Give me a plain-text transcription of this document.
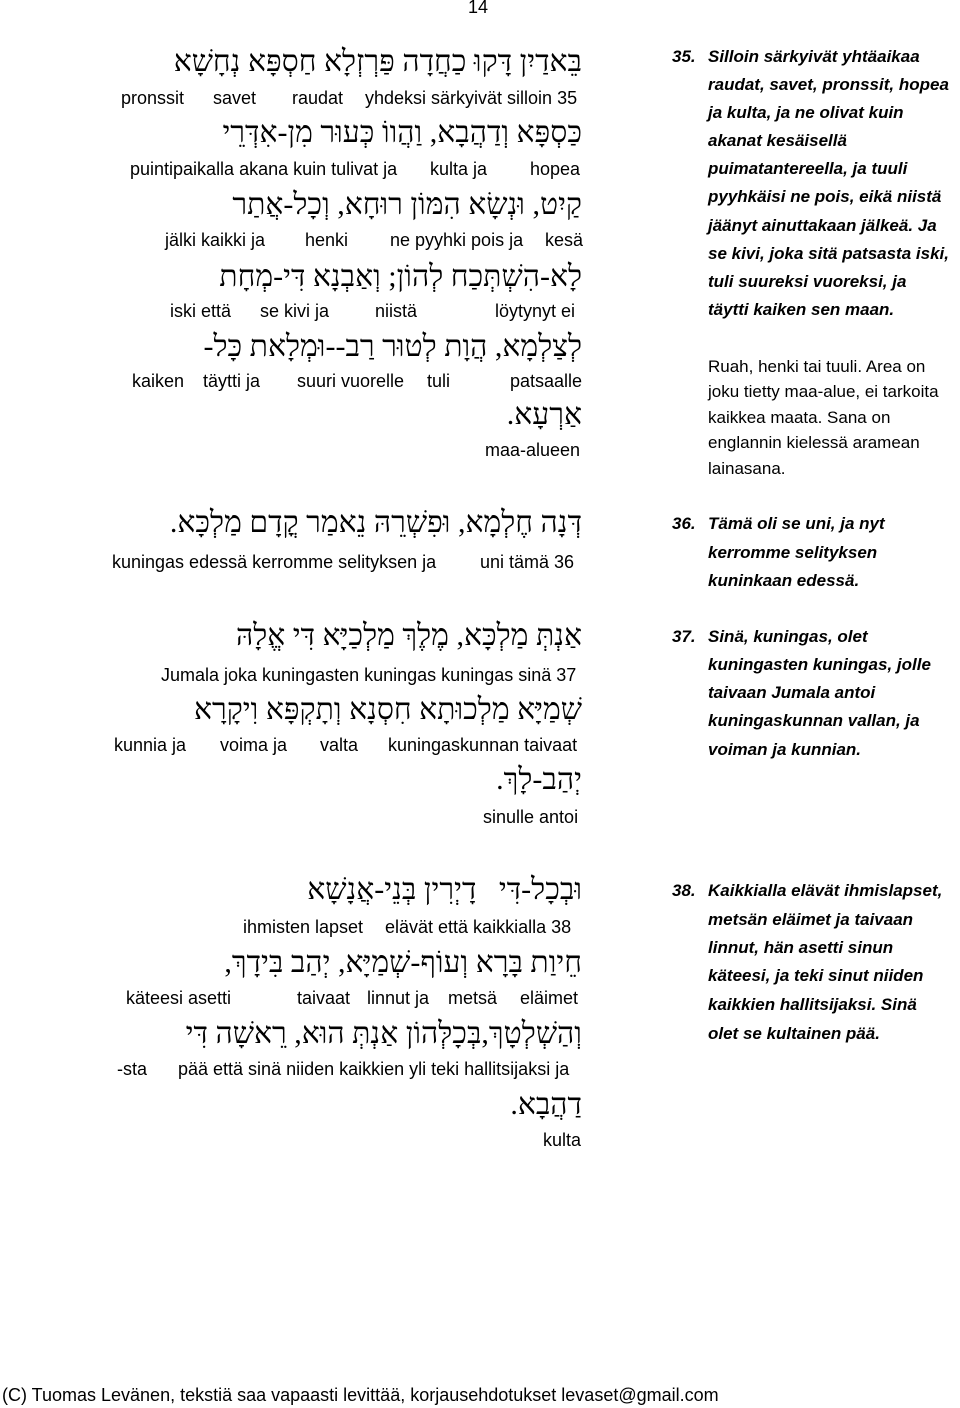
14
בֵּאדַיִן דָּקוּ כַחֲדָה פַּרְזְלָא חַסְפָּא נְחָשָׁא
pronssit savet raudat yhdeksi särkyivät silloin 35
כַּסְפָּא וְדַהֲבָא, וַהֲווֹ כְּעוּר מִן-אִדְּרֵי
puintipaikalla akana kuin tulivat ja kulta ja hopea
קַיִט, וּנְשָׂא הִמּוֹן רוּחָא, וְכָל-אֲתַר
jälki kaikki ja henki ne pyyhki pois ja kesä
לָא-הִשְׁתְּכַח לְהוֹן; וְאַבְנָא דִּי-מְחָת
iski että se kivi ja	niistä	löytynyt ei
לְצַלְמָא, הֲוָת לְטוּר רַב--וּמְלָאת כָּל-
kaiken täytti ja suuri vuorelle tuli	patsaalle
אַרְעָא.
maa-alueen
35. Silloin särkyivät yhtäaikaa
raudat, savet, pronssit, hopea
ja kulta, ja ne olivat kuin
akanat kesäisellä
puimatantereella, ja tuuli
pyyhkäisi ne pois, eikä niistä
jäänyt ainuttakaan jälkeä. Ja
se kivi, joka sitä patsasta iski,
tuli suureksi vuoreksi, ja
täytti kaiken sen maan.
Ruah, henki tai tuuli. Area on
joku tietty maa-alue, ei tarkoita
kaikkea maata. Sana on
englannin kielessä aramean
lainasana.
דְּנָה חֶלְמָא, וּפִשְׁרֵהּ נֵאמַר קֳדָם מַלְכָּא.
kuningas edessä kerromme selityksen ja uni tämä 36
36. Tämä oli se uni, ja nyt
kerromme selityksen
kuninkaan edessä.
אַנְתְּ מַלְכָּא, מֶלֶךְ מַלְכַיָּא דִּי אֱלָהּ
Jumala joka kuningasten kuningas kuningas sinä 37
שְׁמַיָּא מַלְכוּתָא חִסְנָא וְתָקְפָּא וִיקָרָא
kunnia ja voima ja valta kuningaskunnan taivaat
יְהַב-לָךְ.
sinulle antoi
37. Sinä, kuningas, olet
kuningasten kuningas, jolle
taivaan Jumala antoi
kuningaskunnan vallan, ja
voiman ja kunnian.
וּבְכָל-דִּי   דָיְרִין בְּנֵי-אֲנָשָׁא
ihmisten lapset elävät että kaikkialla 38
חֵיוַת בָּרָא וְעוֹף-שְׁמַיָּא, יְהַב בִּידָךְ,
käteesi asetti	taivaat linnut ja metsä eläimet
וְהַשְׁלְטָךְ,בְּכָלְּהוֹן אַנְתְּ הוּא, רֵאשָׁה דִּי
-sta pää että sinä niiden kaikkien yli teki hallitsijaksi ja
דַהֲבָא.
kulta
38. Kaikkialla elävät ihmislapset,
metsän eläimet ja taivaan
linnut, hän asetti sinun
käteesi, ja teki sinut niiden
kaikkien hallitsijaksi. Sinä
olet se kultainen pää.
(C) Tuomas Levänen, tekstiä saa vapaasti levittää, korjausehdotukset levaset@gmail.com
